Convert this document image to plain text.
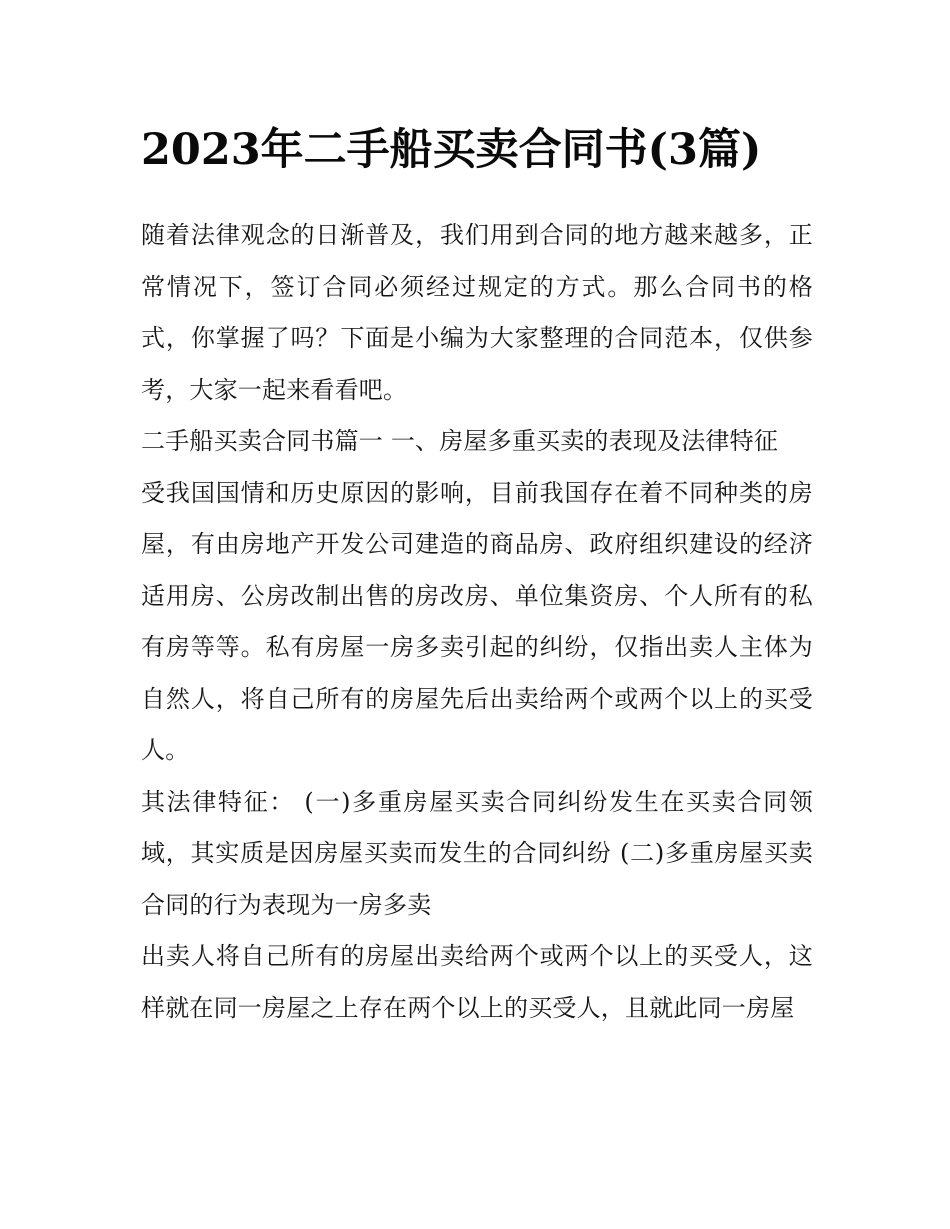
2023年二手船买卖合同书(3篇)

随着法律观念的日渐普及，我们用到合同的地方越来越多，正常情况下，签订合同必须经过规定的方式。那么合同书的格式，你掌握了吗？下面是小编为大家整理的合同范本，仅供参考，大家一起来看看吧。

二手船买卖合同书篇一 一、房屋多重买卖的表现及法律特征

受我国国情和历史原因的影响，目前我国存在着不同种类的房屋，有由房地产开发公司建造的商品房、政府组织建设的经济适用房、公房改制出售的房改房、单位集资房、个人所有的私有房等等。私有房屋一房多卖引起的纠纷，仅指出卖人主体为自然人，将自己所有的房屋先后出卖给两个或两个以上的买受人。

其法律特征： (一)多重房屋买卖合同纠纷发生在买卖合同领域，其实质是因房屋买卖而发生的合同纠纷 (二)多重房屋买卖合同的行为表现为一房多卖

出卖人将自己所有的房屋出卖给两个或两个以上的买受人，这样就在同一房屋之上存在两个以上的买受人，且就此同一房屋
